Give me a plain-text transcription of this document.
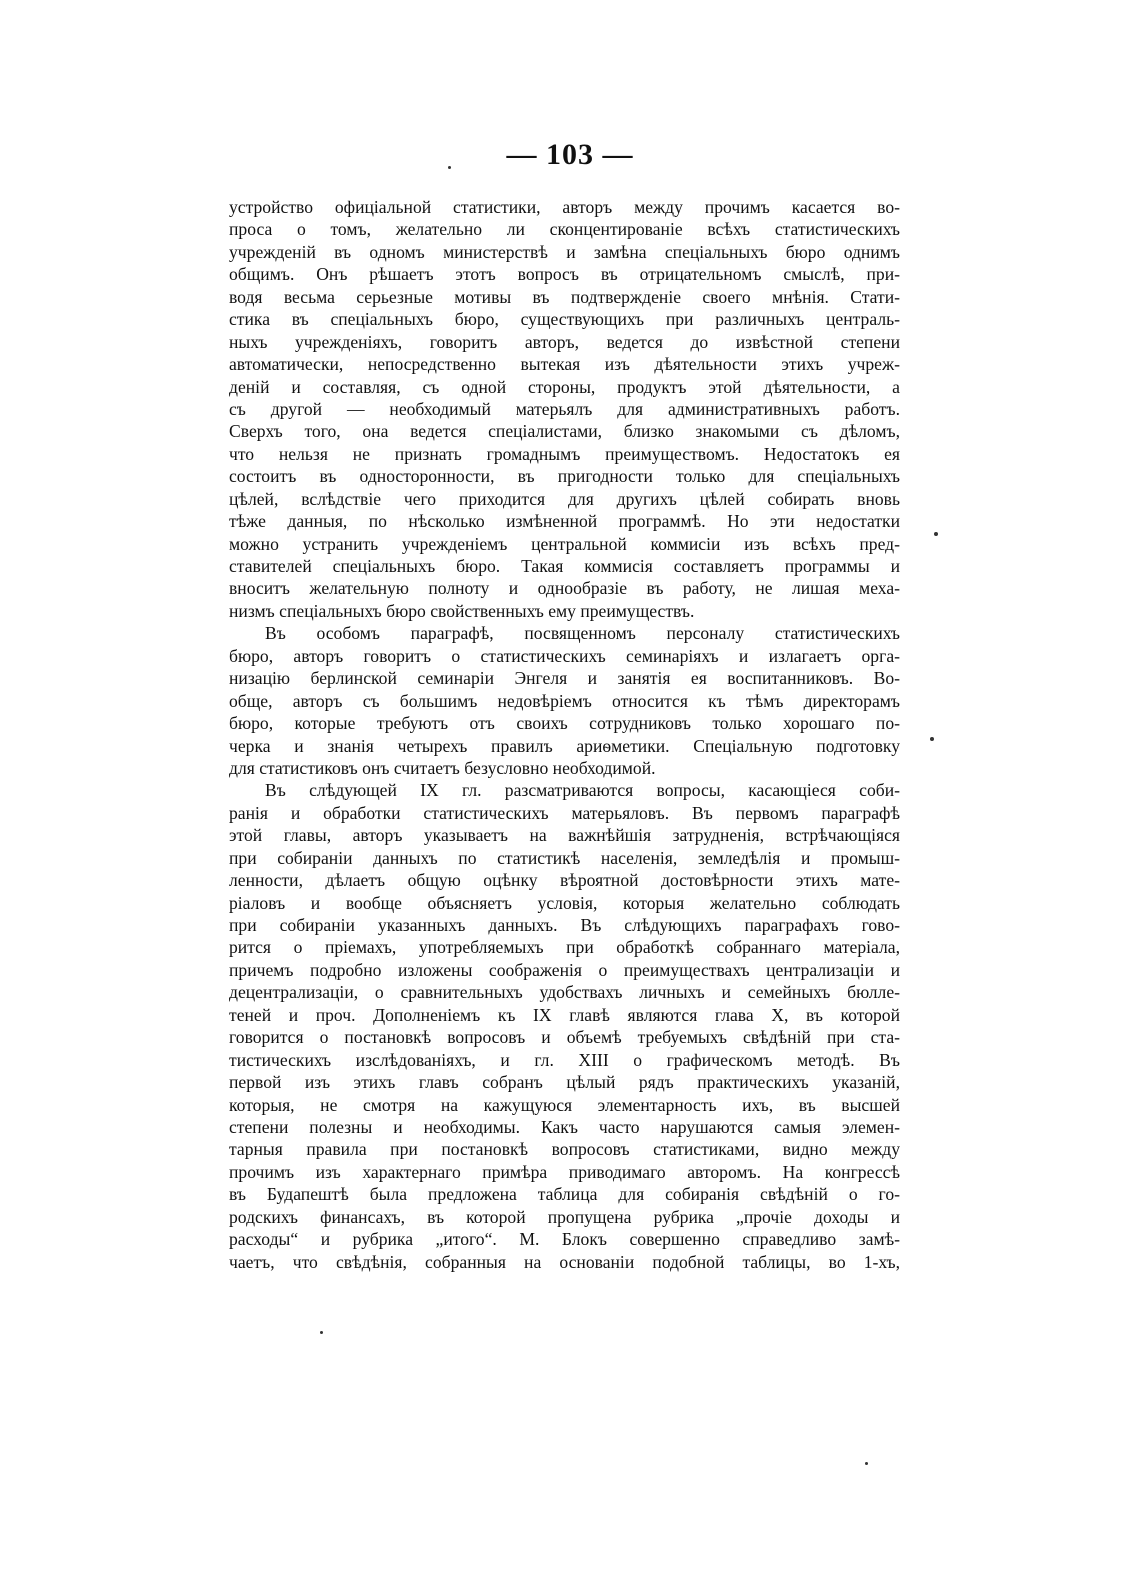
— 103 —
устройство офиціальной статистики, авторъ между прочимъ касается во-
проса о томъ, желательно ли сконцентированіе всѣхъ статистическихъ
учрежденій въ одномъ министерствѣ и замѣна спеціальныхъ бюро однимъ
общимъ. Онъ рѣшаетъ этотъ вопросъ въ отрицательномъ смыслѣ, при-
водя весьма серьезные мотивы въ подтвержденіе своего мнѣнія. Стати-
стика въ спеціальныхъ бюро, существующихъ при различныхъ централь-
ныхъ учрежденіяхъ, говоритъ авторъ, ведется до извѣстной степени
автоматически, непосредственно вытекая изъ дѣятельности этихъ учреж-
деній и составляя, съ одной стороны, продуктъ этой дѣятельности, а
съ другой — необходимый матерьялъ для административныхъ работъ.
Сверхъ того, она ведется спеціалистами, близко знакомыми съ дѣломъ,
что нельзя не признать громаднымъ преимуществомъ. Недостатокъ ея
состоитъ въ односторонности, въ пригодности только для спеціальныхъ
цѣлей, вслѣдствіе чего приходится для другихъ цѣлей собирать вновь
тѣже данныя, по нѣсколько измѣненной программѣ. Но эти недостатки
можно устранить учрежденіемъ центральной коммисіи изъ всѣхъ пред-
ставителей спеціальныхъ бюро. Такая коммисія составляетъ программы и
вноситъ желательную полноту и однообразіе въ работу, не лишая меха-
низмъ спеціальныхъ бюро свойственныхъ ему преимуществъ.
Въ особомъ параграфѣ, посвященномъ персоналу статистическихъ
бюро, авторъ говоритъ о статистическихъ семинаріяхъ и излагаетъ орга-
низацію берлинской семинаріи Энгеля и занятія ея воспитанниковъ. Во-
обще, авторъ съ большимъ недовѣріемъ относится къ тѣмъ директорамъ
бюро, которые требуютъ отъ своихъ сотрудниковъ только хорошаго по-
черка и знанія четырехъ правилъ ариѳметики. Спеціальную подготовку
для статистиковъ онъ считаетъ безусловно необходимой.
Въ слѣдующей IX гл. разсматриваются вопросы, касающіеся соби-
ранія и обработки статистическихъ матерьяловъ. Въ первомъ параграфѣ
этой главы, авторъ указываетъ на важнѣйшія затрудненія, встрѣчающіяся
при собираніи данныхъ по статистикѣ населенія, земледѣлія и промыш-
ленности, дѣлаетъ общую оцѣнку вѣроятной достовѣрности этихъ мате-
ріаловъ и вообще объясняетъ условія, которыя желательно соблюдать
при собираніи указанныхъ данныхъ. Въ слѣдующихъ параграфахъ гово-
рится о пріемахъ, употребляемыхъ при обработкѣ собраннаго матеріала,
причемъ подробно изложены соображенія о преимуществахъ централизаціи и
децентрализаціи, о сравнительныхъ удобствахъ личныхъ и семейныхъ бюлле-
теней и проч. Дополненіемъ къ IX главѣ являются глава X, въ которой
говорится о постановкѣ вопросовъ и объемѣ требуемыхъ свѣдѣній при ста-
тистическихъ изслѣдованіяхъ, и гл. XIII о графическомъ методѣ. Въ
первой изъ этихъ главъ собранъ цѣлый рядъ практическихъ указаній,
которыя, не смотря на кажущуюся элементарность ихъ, въ высшей
степени полезны и необходимы. Какъ часто нарушаются самыя элемен-
тарныя правила при постановкѣ вопросовъ статистиками, видно между
прочимъ изъ характернаго примѣра приводимаго авторомъ. На конгрессѣ
въ Будапештѣ была предложена таблица для собиранія свѣдѣній о го-
родскихъ финансахъ, въ которой пропущена рубрика „прочіе доходы и
расходы“ и рубрика „итого“. М. Блокъ совершенно справедливо замѣ-
чаетъ, что свѣдѣнія, собранныя на основаніи подобной таблицы, во 1-хъ,
